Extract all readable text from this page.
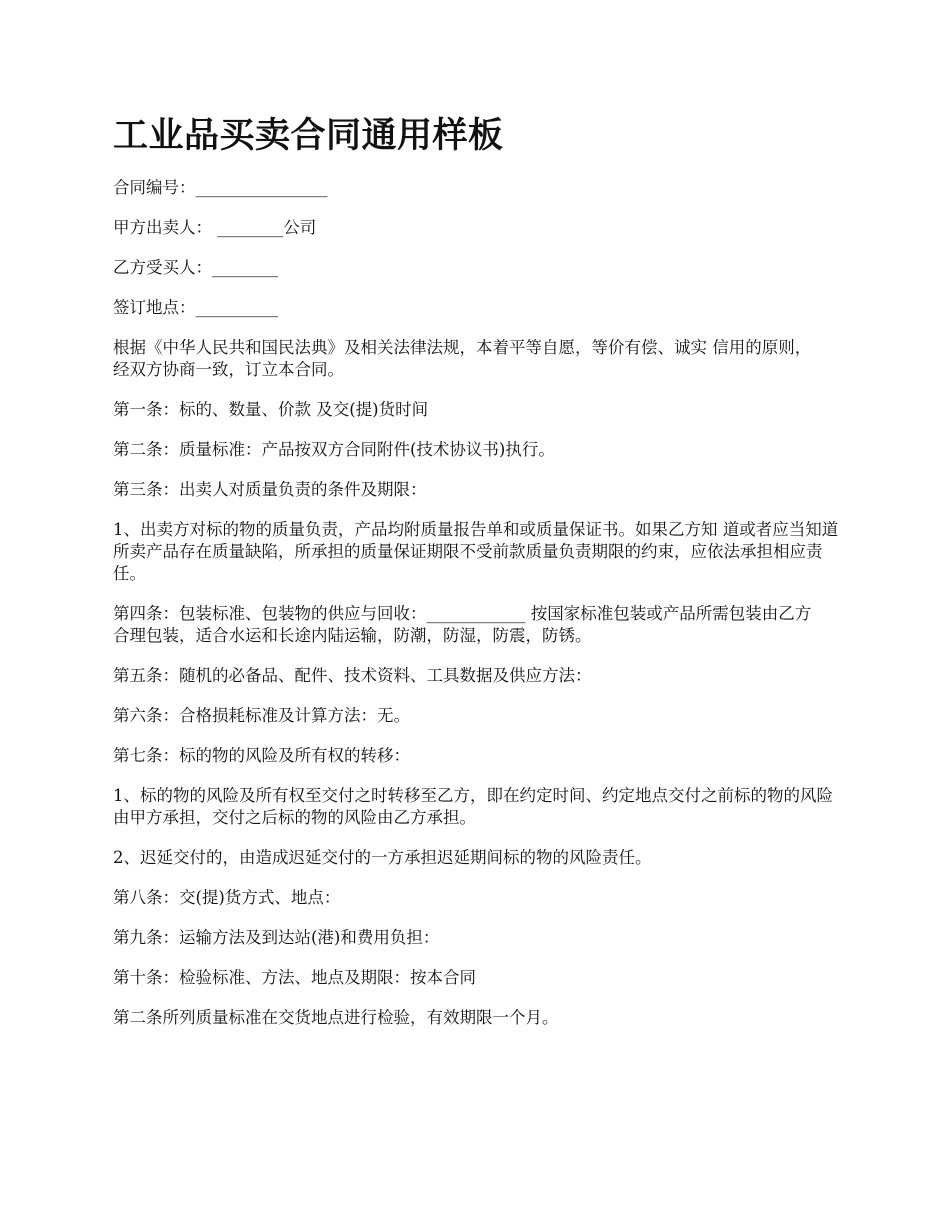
工业品买卖合同通用样板

合同编号：________________

甲方出卖人： ________公司

乙方受买人：________

签订地点：__________

根据《中华人民共和国民法典》及相关法律法规，本着平等自愿，等价有偿、诚实 信用的原则，经双方协商一致，订立本合同。

第一条：标的、数量、价款 及交(提)货时间

第二条：质量标准：产品按双方合同附件(技术协议书)执行。

第三条：出卖人对质量负责的条件及期限：

1、出卖方对标的物的质量负责，产品均附质量报告单和或质量保证书。如果乙方知 道或者应当知道所卖产品存在质量缺陷，所承担的质量保证期限不受前款质量负责期限的约束，应依法承担相应责任。

第四条：包装标准、包装物的供应与回收：____________ 按国家标准包装或产品所需包装由乙方合理包装，适合水运和长途内陆运输，防潮，防湿，防震，防锈。

第五条：随机的必备品、配件、技术资料、工具数据及供应方法：

第六条：合格损耗标准及计算方法：无。

第七条：标的物的风险及所有权的转移：

1、标的物的风险及所有权至交付之时转移至乙方，即在约定时间、约定地点交付之前标的物的风险由甲方承担，交付之后标的物的风险由乙方承担。

2、迟延交付的，由造成迟延交付的一方承担迟延期间标的物的风险责任。

第八条：交(提)货方式、地点：

第九条：运输方法及到达站(港)和费用负担：

第十条：检验标准、方法、地点及期限：按本合同

第二条所列质量标准在交货地点进行检验，有效期限一个月。
